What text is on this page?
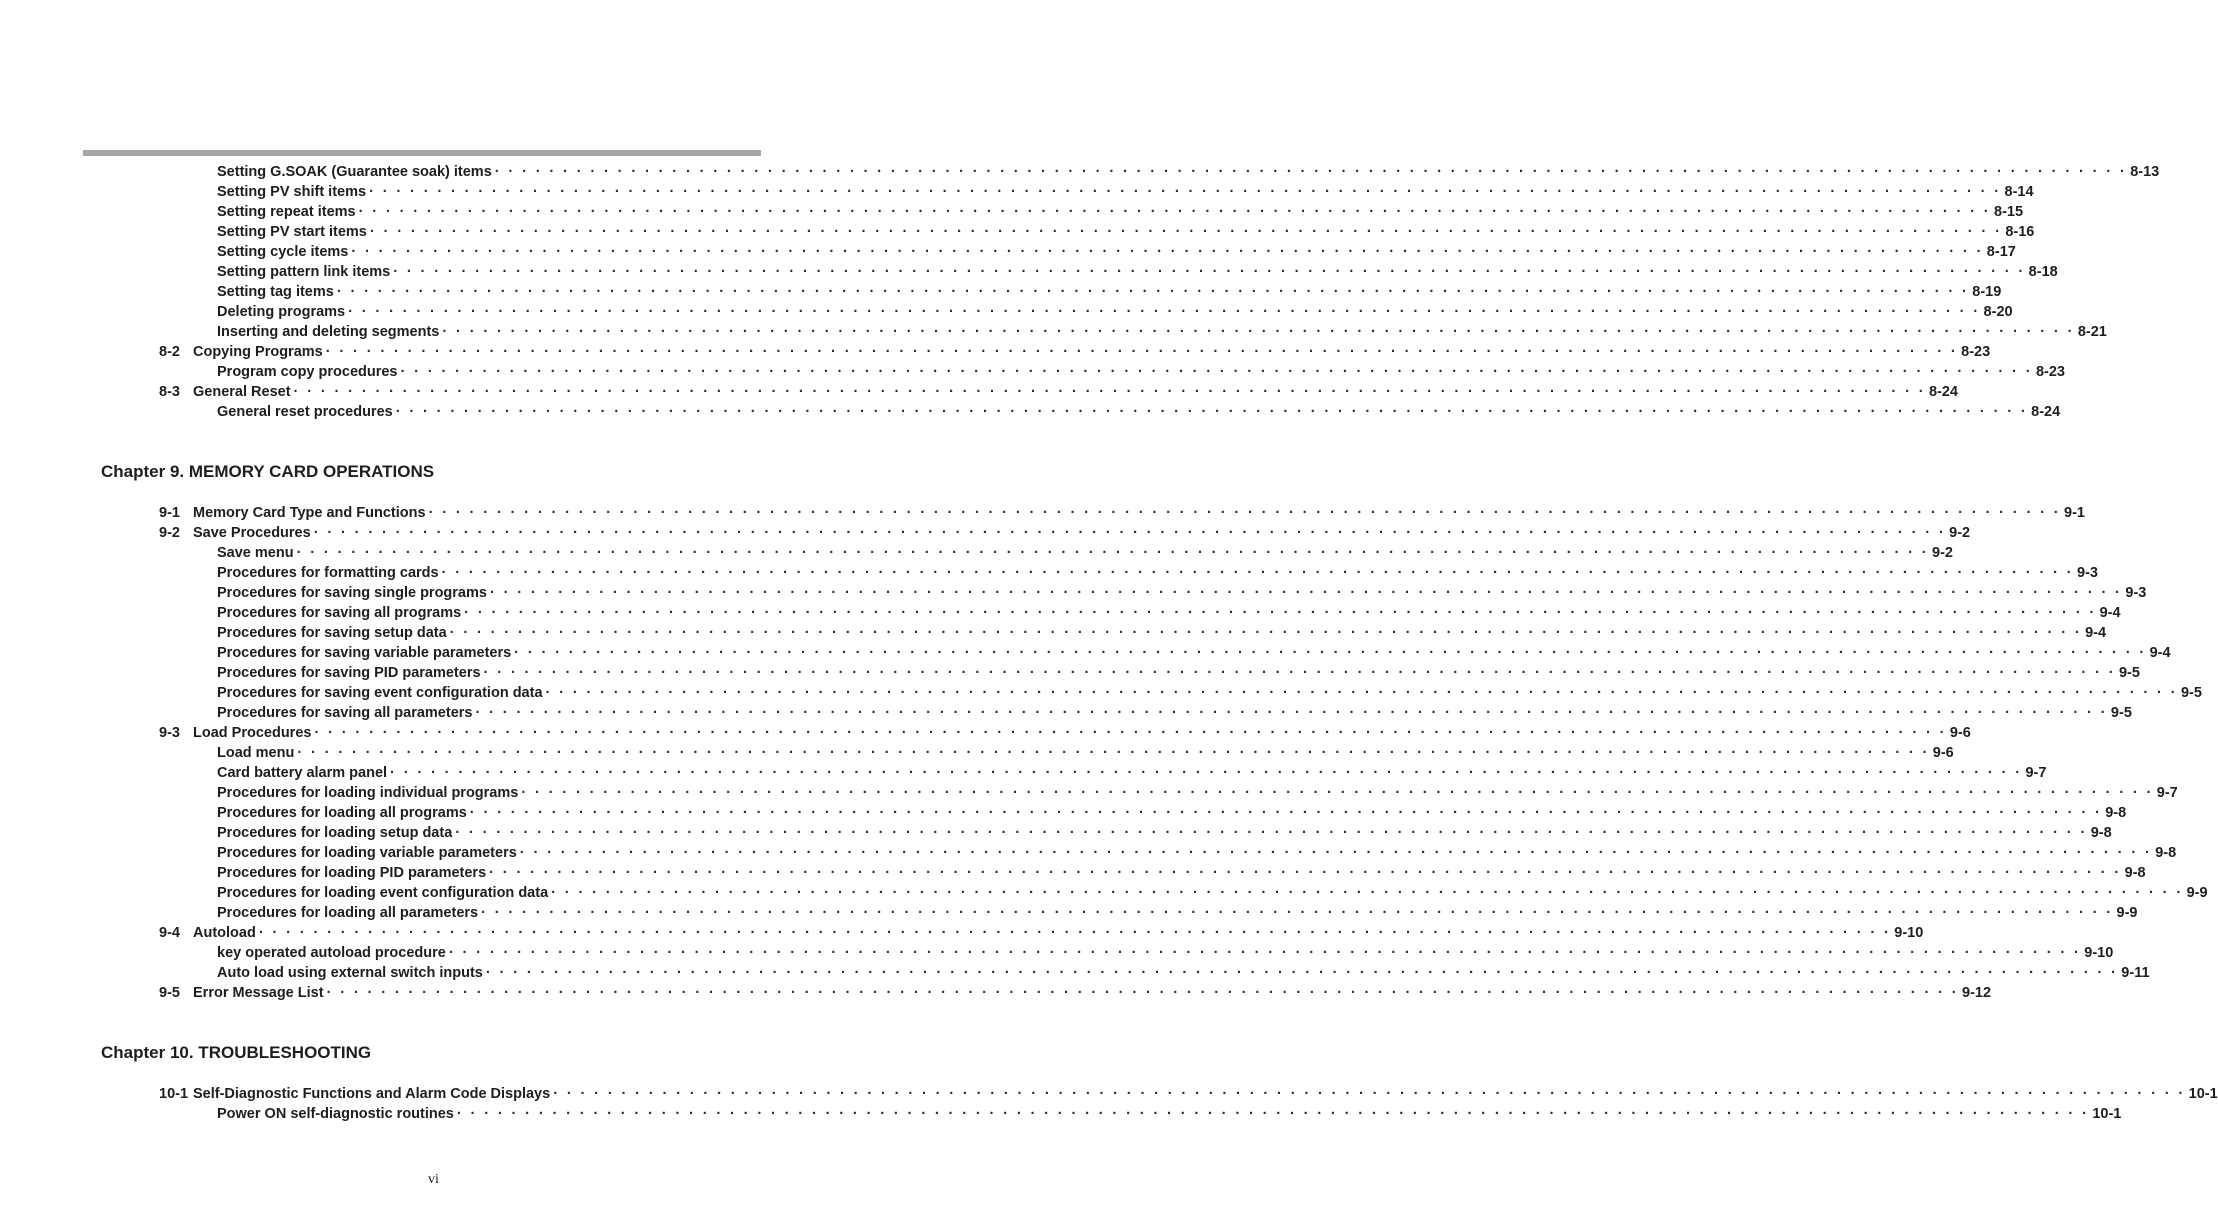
Setting G.SOAK (Guarantee soak) items · · · · · · · · · · · · · · · · · · · · · · · · · · · · · · · · · · · · · · · · · · · · · · · · · · · · · · · · · · · · · · · · · · · · · · · · · · · · · · · · · · · · · · · · · · · · · · · · · · · · · · · · · · · · · · · · · · · · · · · · 8-13
Setting PV shift items · · · · · · · · · · · · · · · · · · · · · · · · · · · · · · · · · · · · · · · · · · · · · · · · · · · · · · · · · · · · · · · · · · · · · · · · · · · · · · · · · · · · · · · · · · · · · · · · · · · · · · · · · · · · · · · · · · · · · · · · 8-14
Setting repeat items · · · · · · · · · · · · · · · · · · · · · · · · · · · · · · · · · · · · · · · · · · · · · · · · · · · · · · · · · · · · · · · · · · · · · · · · · · · · · · · · · · · · · · · · · · · · · · · · · · · · · · · · · · · · · · · · · · · · · · · · 8-15
Setting PV start items · · · · · · · · · · · · · · · · · · · · · · · · · · · · · · · · · · · · · · · · · · · · · · · · · · · · · · · · · · · · · · · · · · · · · · · · · · · · · · · · · · · · · · · · · · · · · · · · · · · · · · · · · · · · · · · · · · · · · · · · 8-16
Setting cycle items · · · · · · · · · · · · · · · · · · · · · · · · · · · · · · · · · · · · · · · · · · · · · · · · · · · · · · · · · · · · · · · · · · · · · · · · · · · · · · · · · · · · · · · · · · · · · · · · · · · · · · · · · · · · · · · · · · · · · · · · 8-17
Setting pattern link items · · · · · · · · · · · · · · · · · · · · · · · · · · · · · · · · · · · · · · · · · · · · · · · · · · · · · · · · · · · · · · · · · · · · · · · · · · · · · · · · · · · · · · · · · · · · · · · · · · · · · · · · · · · · · · · · · · · · · · · · 8-18
Setting tag items · · · · · · · · · · · · · · · · · · · · · · · · · · · · · · · · · · · · · · · · · · · · · · · · · · · · · · · · · · · · · · · · · · · · · · · · · · · · · · · · · · · · · · · · · · · · · · · · · · · · · · · · · · · · · · · · · · · · · · · · 8-19
Deleting programs · · · · · · · · · · · · · · · · · · · · · · · · · · · · · · · · · · · · · · · · · · · · · · · · · · · · · · · · · · · · · · · · · · · · · · · · · · · · · · · · · · · · · · · · · · · · · · · · · · · · · · · · · · · · · · · · · · · · · · · · 8-20
Inserting and deleting segments · · · · · · · · · · · · · · · · · · · · · · · · · · · · · · · · · · · · · · · · · · · · · · · · · · · · · · · · · · · · · · · · · · · · · · · · · · · · · · · · · · · · · · · · · · · · · · · · · · · · · · · · · · · · · · · · · · · · · · · · 8-21
8-2 Copying Programs · · · · · · · · · · · · · · · · · · · · · · · · · · · · · · · · · · · · · · · · · · · · · · · · · · · · · · · · · · · · · · · · · · · · · · · · · · · · · · · · · · · · · · · · · · · · · · · · · · · · · · · · · · · · · · · · · · · · · · · · 8-23
Program copy procedures · · · · · · · · · · · · · · · · · · · · · · · · · · · · · · · · · · · · · · · · · · · · · · · · · · · · · · · · · · · · · · · · · · · · · · · · · · · · · · · · · · · · · · · · · · · · · · · · · · · · · · · · · · · · · · · · · · · · · · · · 8-23
8-3 General Reset · · · · · · · · · · · · · · · · · · · · · · · · · · · · · · · · · · · · · · · · · · · · · · · · · · · · · · · · · · · · · · · · · · · · · · · · · · · · · · · · · · · · · · · · · · · · · · · · · · · · · · · · · · · · · · · · · · · · · · · · 8-24
General reset procedures · · · · · · · · · · · · · · · · · · · · · · · · · · · · · · · · · · · · · · · · · · · · · · · · · · · · · · · · · · · · · · · · · · · · · · · · · · · · · · · · · · · · · · · · · · · · · · · · · · · · · · · · · · · · · · · · · · · · · · · · 8-24
Chapter 9. MEMORY CARD OPERATIONS
9-1 Memory Card Type and Functions · · · · · · · · · · · · · · · · · · · · · · · · · · · · · · · · · · · · · · · · · · · · · · · · · · · · · · · · · · · · · · · · · · · · · · · · · · · · · · · · · · · · · · · · · · · · · · · · · · · · · · · · · · · · · · · · · · · · · · · · 9-1
9-2 Save Procedures · · · · · · · · · · · · · · · · · · · · · · · · · · · · · · · · · · · · · · · · · · · · · · · · · · · · · · · · · · · · · · · · · · · · · · · · · · · · · · · · · · · · · · · · · · · · · · · · · · · · · · · · · · · · · · · · · · · · · · · · 9-2
Save menu · · · · · · · · · · · · · · · · · · · · · · · · · · · · · · · · · · · · · · · · · · · · · · · · · · · · · · · · · · · · · · · · · · · · · · · · · · · · · · · · · · · · · · · · · · · · · · · · · · · · · · · · · · · · · · · · · · · · · · · · 9-2
Procedures for formatting cards · · · · · · · · · · · · · · · · · · · · · · · · · · · · · · · · · · · · · · · · · · · · · · · · · · · · · · · · · · · · · · · · · · · · · · · · · · · · · · · · · · · · · · · · · · · · · · · · · · · · · · · · · · · · · · · · · · · · · · · · 9-3
Procedures for saving single programs · · · · · · · · · · · · · · · · · · · · · · · · · · · · · · · · · · · · · · · · · · · · · · · · · · · · · · · · · · · · · · · · · · · · · · · · · · · · · · · · · · · · · · · · · · · · · · · · · · · · · · · · · · · · · · · · · · · · · · · · 9-3
Procedures for saving all programs · · · · · · · · · · · · · · · · · · · · · · · · · · · · · · · · · · · · · · · · · · · · · · · · · · · · · · · · · · · · · · · · · · · · · · · · · · · · · · · · · · · · · · · · · · · · · · · · · · · · · · · · · · · · · · · · · · · · · · · · 9-4
Procedures for saving setup data · · · · · · · · · · · · · · · · · · · · · · · · · · · · · · · · · · · · · · · · · · · · · · · · · · · · · · · · · · · · · · · · · · · · · · · · · · · · · · · · · · · · · · · · · · · · · · · · · · · · · · · · · · · · · · · · · · · · · · · · 9-4
Procedures for saving variable parameters · · · · · · · · · · · · · · · · · · · · · · · · · · · · · · · · · · · · · · · · · · · · · · · · · · · · · · · · · · · · · · · · · · · · · · · · · · · · · · · · · · · · · · · · · · · · · · · · · · · · · · · · · · · · · · · · · · · · · · · · 9-4
Procedures for saving PID parameters · · · · · · · · · · · · · · · · · · · · · · · · · · · · · · · · · · · · · · · · · · · · · · · · · · · · · · · · · · · · · · · · · · · · · · · · · · · · · · · · · · · · · · · · · · · · · · · · · · · · · · · · · · · · · · · · · · · · · · · · 9-5
Procedures for saving event configuration data · · · · · · · · · · · · · · · · · · · · · · · · · · · · · · · · · · · · · · · · · · · · · · · · · · · · · · · · · · · · · · · · · · · · · · · · · · · · · · · · · · · · · · · · · · · · · · · · · · · · · · · · · · · · · · · · · · · · · · · · 9-5
Procedures for saving all parameters · · · · · · · · · · · · · · · · · · · · · · · · · · · · · · · · · · · · · · · · · · · · · · · · · · · · · · · · · · · · · · · · · · · · · · · · · · · · · · · · · · · · · · · · · · · · · · · · · · · · · · · · · · · · · · · · · · · · · · · · 9-5
9-3 Load Procedures · · · · · · · · · · · · · · · · · · · · · · · · · · · · · · · · · · · · · · · · · · · · · · · · · · · · · · · · · · · · · · · · · · · · · · · · · · · · · · · · · · · · · · · · · · · · · · · · · · · · · · · · · · · · · · · · · · · · · · · · 9-6
Load menu · · · · · · · · · · · · · · · · · · · · · · · · · · · · · · · · · · · · · · · · · · · · · · · · · · · · · · · · · · · · · · · · · · · · · · · · · · · · · · · · · · · · · · · · · · · · · · · · · · · · · · · · · · · · · · · · · · · · · · · · 9-6
Card battery alarm panel · · · · · · · · · · · · · · · · · · · · · · · · · · · · · · · · · · · · · · · · · · · · · · · · · · · · · · · · · · · · · · · · · · · · · · · · · · · · · · · · · · · · · · · · · · · · · · · · · · · · · · · · · · · · · · · · · · · · · · · · 9-7
Procedures for loading individual programs · · · · · · · · · · · · · · · · · · · · · · · · · · · · · · · · · · · · · · · · · · · · · · · · · · · · · · · · · · · · · · · · · · · · · · · · · · · · · · · · · · · · · · · · · · · · · · · · · · · · · · · · · · · · · · · · · · · · · · · · 9-7
Procedures for loading all programs · · · · · · · · · · · · · · · · · · · · · · · · · · · · · · · · · · · · · · · · · · · · · · · · · · · · · · · · · · · · · · · · · · · · · · · · · · · · · · · · · · · · · · · · · · · · · · · · · · · · · · · · · · · · · · · · · · · · · · · · 9-8
Procedures for loading setup data · · · · · · · · · · · · · · · · · · · · · · · · · · · · · · · · · · · · · · · · · · · · · · · · · · · · · · · · · · · · · · · · · · · · · · · · · · · · · · · · · · · · · · · · · · · · · · · · · · · · · · · · · · · · · · · · · · · · · · · · 9-8
Procedures for loading variable parameters · · · · · · · · · · · · · · · · · · · · · · · · · · · · · · · · · · · · · · · · · · · · · · · · · · · · · · · · · · · · · · · · · · · · · · · · · · · · · · · · · · · · · · · · · · · · · · · · · · · · · · · · · · · · · · · · · · · · · · · · 9-8
Procedures for loading PID parameters · · · · · · · · · · · · · · · · · · · · · · · · · · · · · · · · · · · · · · · · · · · · · · · · · · · · · · · · · · · · · · · · · · · · · · · · · · · · · · · · · · · · · · · · · · · · · · · · · · · · · · · · · · · · · · · · · · · · · · · · 9-8
Procedures for loading event configuration data · · · · · · · · · · · · · · · · · · · · · · · · · · · · · · · · · · · · · · · · · · · · · · · · · · · · · · · · · · · · · · · · · · · · · · · · · · · · · · · · · · · · · · · · · · · · · · · · · · · · · · · · · · · · · · · · · · · · · · · · 9-9
Procedures for loading all parameters · · · · · · · · · · · · · · · · · · · · · · · · · · · · · · · · · · · · · · · · · · · · · · · · · · · · · · · · · · · · · · · · · · · · · · · · · · · · · · · · · · · · · · · · · · · · · · · · · · · · · · · · · · · · · · · · · · · · · · · · 9-9
9-4 Autoload · · · · · · · · · · · · · · · · · · · · · · · · · · · · · · · · · · · · · · · · · · · · · · · · · · · · · · · · · · · · · · · · · · · · · · · · · · · · · · · · · · · · · · · · · · · · · · · · · · · · · · · · · · · · · · · · · · · · · · · · 9-10
key operated autoload procedure · · · · · · · · · · · · · · · · · · · · · · · · · · · · · · · · · · · · · · · · · · · · · · · · · · · · · · · · · · · · · · · · · · · · · · · · · · · · · · · · · · · · · · · · · · · · · · · · · · · · · · · · · · · · · · · · · · · · · · · · 9-10
Auto load using external switch inputs · · · · · · · · · · · · · · · · · · · · · · · · · · · · · · · · · · · · · · · · · · · · · · · · · · · · · · · · · · · · · · · · · · · · · · · · · · · · · · · · · · · · · · · · · · · · · · · · · · · · · · · · · · · · · · · · · · · · · · · · 9-11
9-5 Error Message List · · · · · · · · · · · · · · · · · · · · · · · · · · · · · · · · · · · · · · · · · · · · · · · · · · · · · · · · · · · · · · · · · · · · · · · · · · · · · · · · · · · · · · · · · · · · · · · · · · · · · · · · · · · · · · · · · · · · · · · · 9-12
Chapter 10. TROUBLESHOOTING
10-1 Self-Diagnostic Functions and Alarm Code Displays · · · · · · · · · · · · · · · · · · · · · · · · · · · · · · · · · · · · · · · · · · · · · · · · · · · · · · · · · · · · · · · · · · · · · · · · · · · · · · · · · · · · · · · · · · · · · · · · · · · · · · · · · · · · · · · · · · · · · · · · 10-1
Power ON self-diagnostic routines · · · · · · · · · · · · · · · · · · · · · · · · · · · · · · · · · · · · · · · · · · · · · · · · · · · · · · · · · · · · · · · · · · · · · · · · · · · · · · · · · · · · · · · · · · · · · · · · · · · · · · · · · · · · · · · · · · · · · · · · 10-1
vi
